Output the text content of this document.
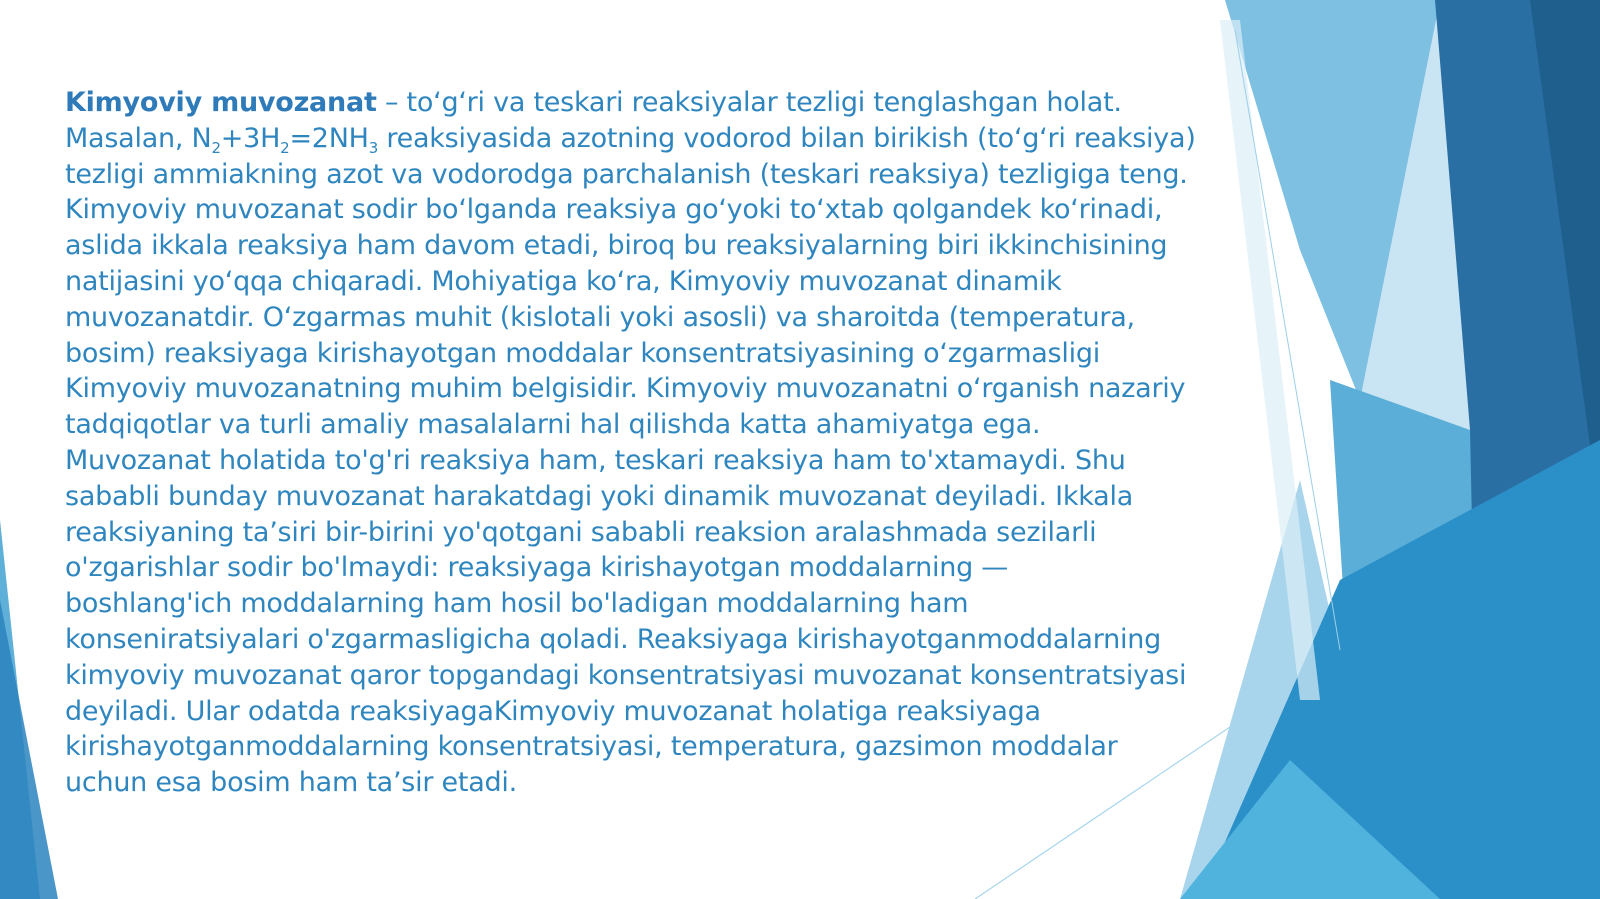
Kimyoviy muvozanat – to‘g‘ri va teskari reaksiyalar tezligi tenglashgan holat.
Masalan, $N_2+3H_2=2NH_3$ reaksiyasida azotning vodorod bilan birikish (to‘g‘ri reaksiya)
tezligi ammiakning azot va vodorodga parchalanish (teskari reaksiya) tezligiga teng.
Kimyoviy muvozanat sodir bo‘lganda reaksiya go‘yoki to‘xtab qolgandek ko‘rinadi,
aslida ikkala reaksiya ham davom etadi, biroq bu reaksiyalarning biri ikkinchisining
natijasini yo‘qqa chiqaradi. Mohiyatiga ko‘ra, Kimyoviy muvozanat dinamik
muvozanatdir. O‘zgarmas muhit (kislotali yoki asosli) va sharoitda (temperatura,
bosim) reaksiyaga kirishayotgan moddalar konsentratsiyasining o‘zgarmasligi
Kimyoviy muvozanatning muhim belgisidir. Kimyoviy muvozanatni o‘rganish nazariy
tadqiqotlar va turli amaliy masalalarni hal qilishda katta ahamiyatga ega.
Muvozanat holatida to'g'ri reaksiya ham, teskari reaksiya ham to'xtamaydi. Shu
sababli bunday muvozanat harakatdagi yoki dinamik muvozanat deyiladi. Ikkala
reaksiyaning ta’siri bir-birini yo'qotgani sababli reaksion aralashmada sezilarli
o'zgarishlar sodir bo'lmaydi: reaksiyaga kirishayotgan moddalarning —
boshlang'ich moddalarning ham hosil bo'ladigan moddalarning ham
konseniratsiyalari o'zgarmasligicha qoladi. Reaksiyaga kirishayotganmoddalarning
kimyoviy muvozanat qaror topgandagi konsentratsiyasi muvozanat konsentratsiyasi
deyiladi. Ular odatda reaksiyagaKimyoviy muvozanat holatiga reaksiyaga
kirishayotganmoddalarning konsentratsiyasi, temperatura, gazsimon moddalar
uchun esa bosim ham ta’sir etadi.
